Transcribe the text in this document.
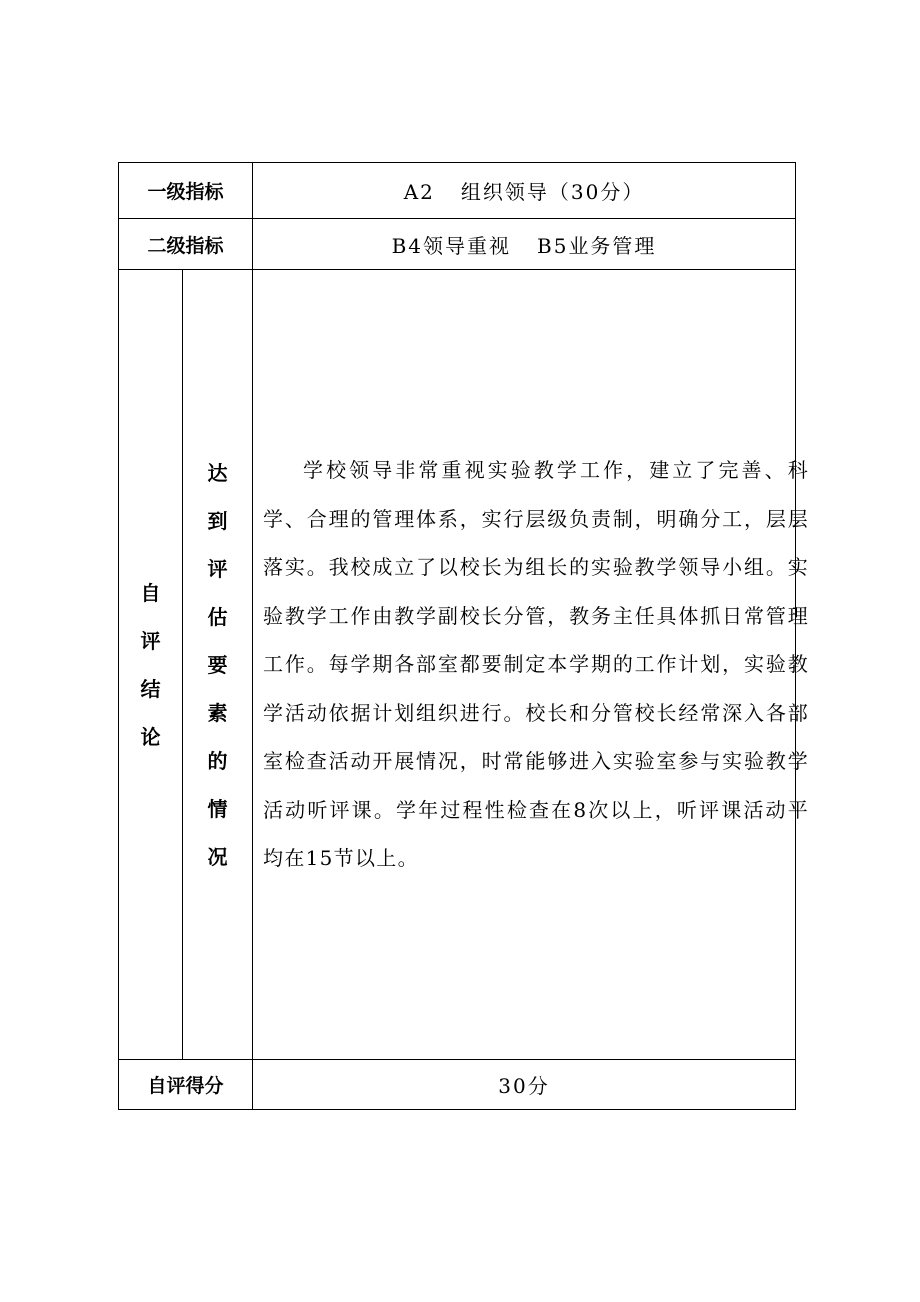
一级指标		A2 组织领导（30分）
二级指标		B4领导重视 B5业务管理

自评结论	达到评估要素的情况	学校领导非常重视实验教学工作，建立了完善、科学、合理的管理体系，实行层级负责制，明确分工，层层落实。我校成立了以校长为组长的实验教学领导小组。实验教学工作由教学副校长分管，教务主任具体抓日常管理工作。每学期各部室都要制定本学期的工作计划，实验教学活动依据计划组织进行。校长和分管校长经常深入各部室检查活动开展情况，时常能够进入实验室参与实验教学活动听评课。学年过程性检查在8次以上，听评课活动平均在15节以上。

自评得分		30分
